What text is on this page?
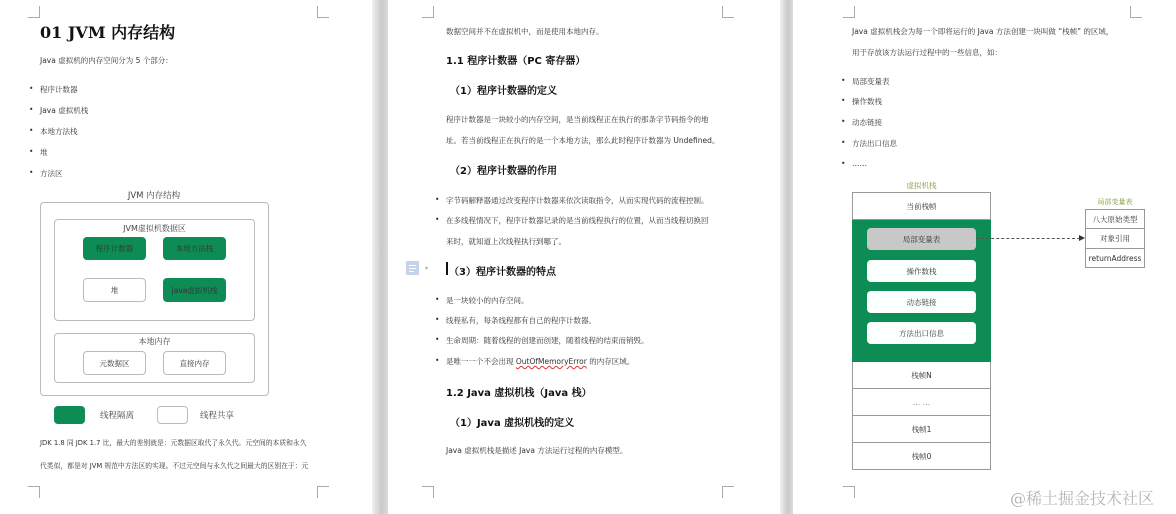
01 JVM 内存结构
Java 虚拟机的内存空间分为 5 个部分：
• 程序计数器
• Java 虚拟机栈
• 本地方法栈
• 堆
• 方法区
JVM 内存结构
JVM虚拟机数据区
程序计数器	本地方法栈
堆	java虚拟机栈
本地内存
元数据区	直接内存
线程隔离	线程共享
JDK 1.8 同 JDK 1.7 比，最大的差别就是：元数据区取代了永久代。元空间的本质和永久
代类似，都是对 JVM 规范中方法区的实现。不过元空间与永久代之间最大的区别在于：元
数据空间并不在虚拟机中，而是使用本地内存。
1.1 程序计数器（PC 寄存器）
（1）程序计数器的定义
程序计数器是一块较小的内存空间，是当前线程正在执行的那条字节码指令的地
址。若当前线程正在执行的是一个本地方法，那么此时程序计数器为 Undefined。
（2）程序计数器的作用
• 字节码解释器通过改变程序计数器来依次读取指令，从而实现代码的流程控制。
• 在多线程情况下，程序计数器记录的是当前线程执行的位置，从而当线程切换回
来时，就知道上次线程执行到哪了。
▾ （3）程序计数器的特点
• 是一块较小的内存空间。
• 线程私有，每条线程都有自己的程序计数器。
• 生命周期：随着线程的创建而创建，随着线程的结束而销毁。
• 是唯一一个不会出现 OutOfMemoryError 的内存区域。
1.2 Java 虚拟机栈（Java 栈）
（1）Java 虚拟机栈的定义
Java 虚拟机栈是描述 Java 方法运行过程的内存模型。
Java 虚拟机栈会为每一个即将运行的 Java 方法创建一块叫做 “栈帧” 的区域，
用于存放该方法运行过程中的一些信息，如：
• 局部变量表
• 操作数栈
• 动态链接
• 方法出口信息
• ……
虚拟机栈
当前栈帧
局部变量表
操作数栈
动态链接
方法出口信息
栈帧N
… …
栈帧1
栈帧0
局部变量表
八大原始类型
对象引用
returnAddress
@稀土掘金技术社区
